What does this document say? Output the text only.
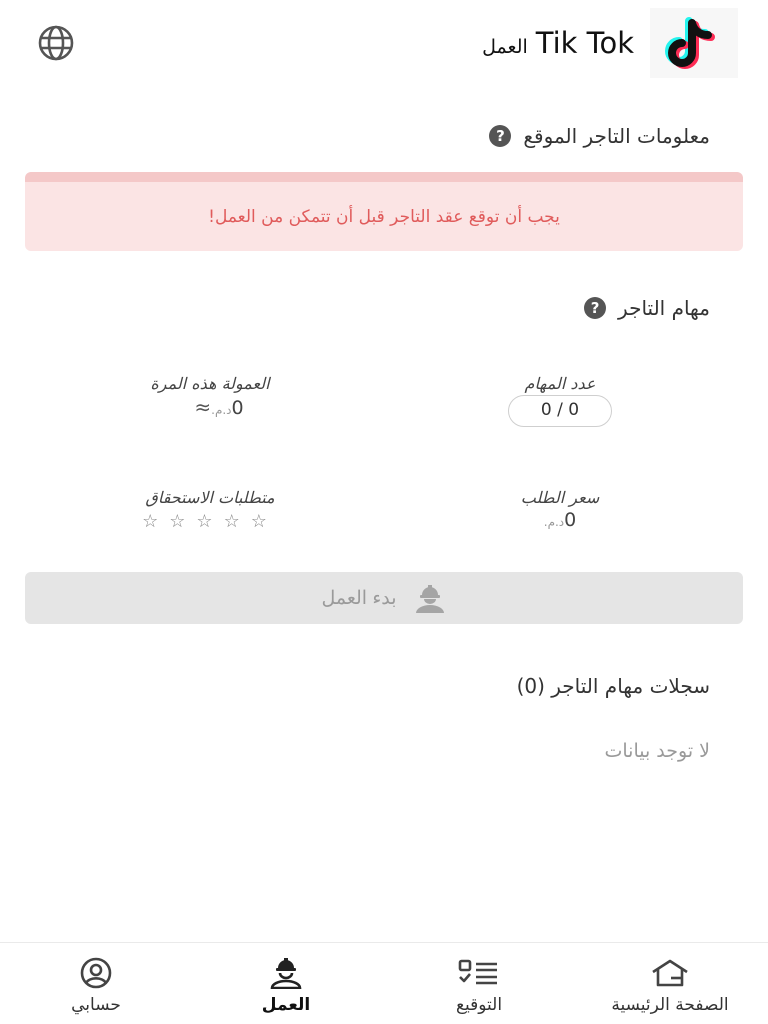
العمل Tik Tok
معلومات التاجر الموقع
?
يجب أن توقع عقد التاجر قبل أن تتمكن من العمل!
مهام التاجر
?
عدد المهام
0 / 0
العمولة هذه المرة
0د.م.≈
سعر الطلب
0د.م.
متطلبات الاستحقاق
☆☆☆☆☆
بدء العمل
سجلات مهام التاجر (0)
لا توجد بيانات
الصفحة الرئيسية
التوقيع
العمل
حسابي
